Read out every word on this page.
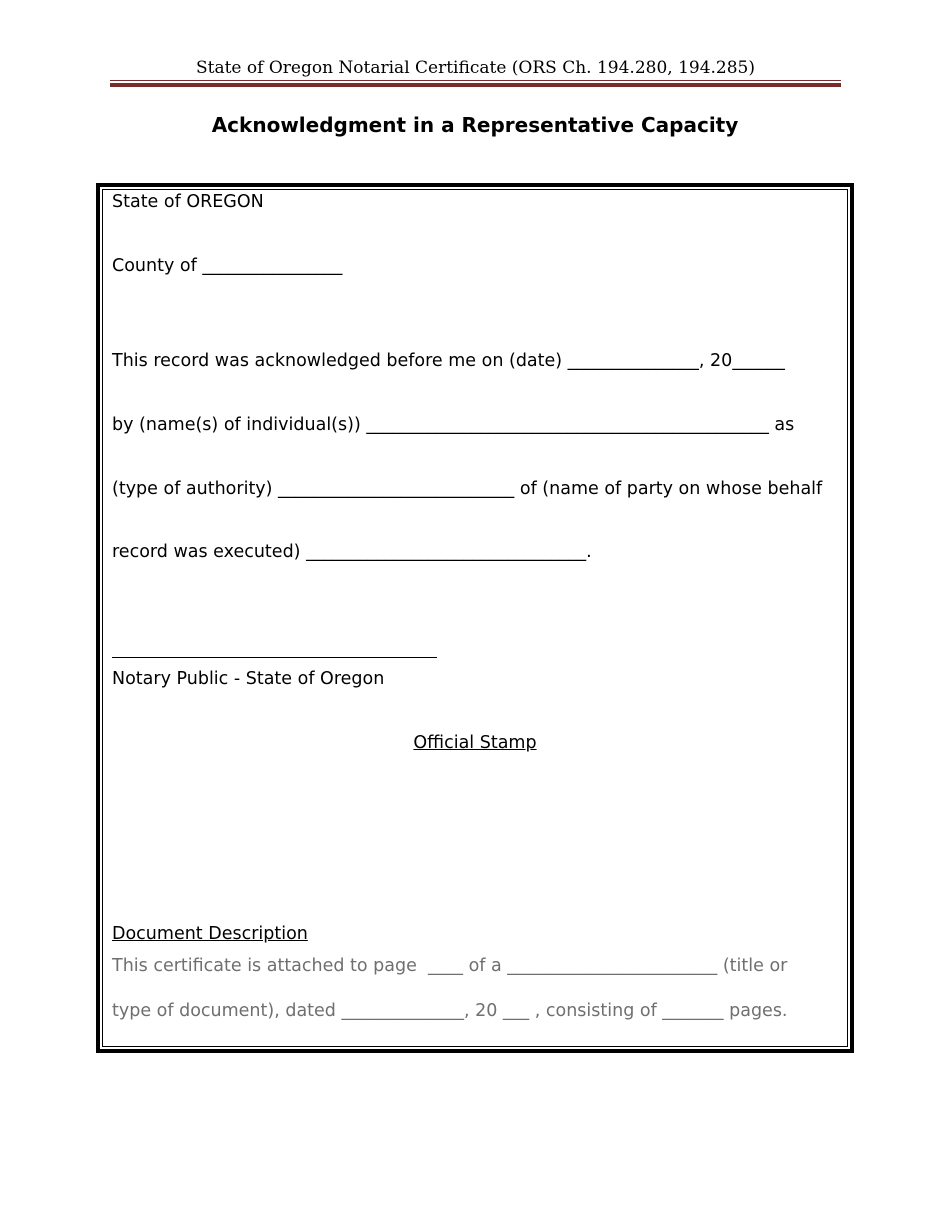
State of Oregon Notarial Certificate (ORS Ch. 194.280, 194.285)
Acknowledgment in a Representative Capacity
State of OREGON
County of ________________
This record was acknowledged before me on (date) _______________, 20______
by (name(s) of individual(s)) ______________________________________________ as
(type of authority) ___________________________ of (name of party on whose behalf
record was executed) ________________________________.
Notary Public - State of Oregon
Official Stamp
Document Description
This certificate is attached to page  ____ of a ________________________ (title or
type of document), dated ______________, 20 ___ , consisting of _______ pages.
